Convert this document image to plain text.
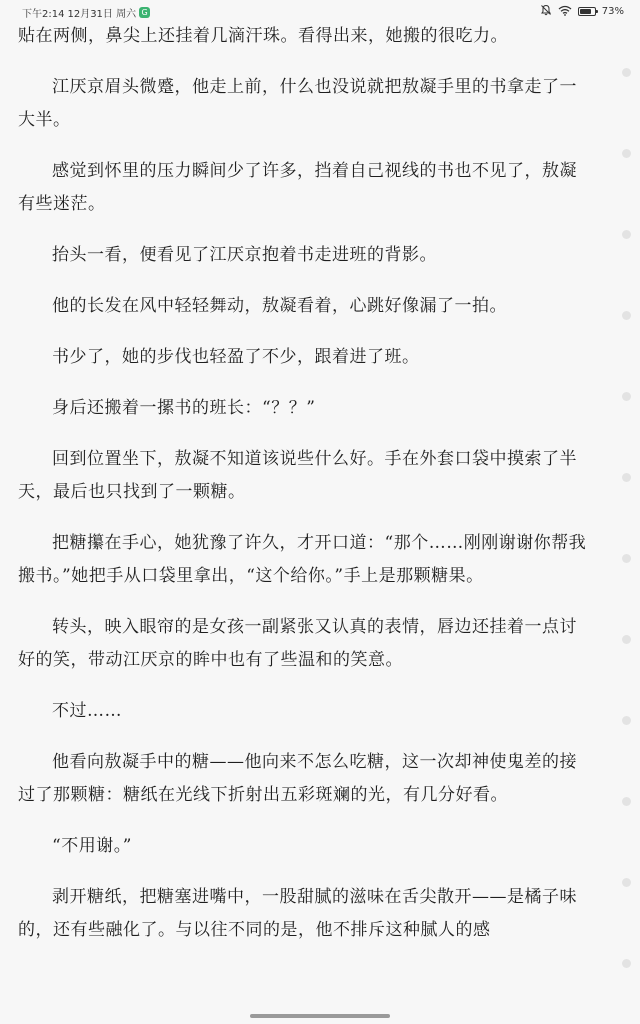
下午2:14 12月31日 周六 G	73%

贴在两侧，鼻尖上还挂着几滴汗珠。看得出来，她搬的很吃力。

江厌京眉头微蹙，他走上前，什么也没说就把敖凝手里的书拿走了一大半。

感觉到怀里的压力瞬间少了许多，挡着自己视线的书也不见了，敖凝有些迷茫。

抬头一看，便看见了江厌京抱着书走进班的背影。

他的长发在风中轻轻舞动，敖凝看着，心跳好像漏了一拍。

书少了，她的步伐也轻盈了不少，跟着进了班。

身后还搬着一摞书的班长：“？？”

回到位置坐下，敖凝不知道该说些什么好。手在外套口袋中摸索了半天，最后也只找到了一颗糖。

把糖攥在手心，她犹豫了许久，才开口道：“那个……刚刚谢谢你帮我搬书。”她把手从口袋里拿出，“这个给你。”手上是那颗糖果。

转头，映入眼帘的是女孩一副紧张又认真的表情，唇边还挂着一点讨好的笑，带动江厌京的眸中也有了些温和的笑意。

不过……

他看向敖凝手中的糖——他向来不怎么吃糖，这一次却神使鬼差的接过了那颗糖：糖纸在光线下折射出五彩斑斓的光，有几分好看。

“不用谢。”

剥开糖纸，把糖塞进嘴中，一股甜腻的滋味在舌尖散开——是橘子味的，还有些融化了。与以往不同的是，他不排斥这种腻人的感
